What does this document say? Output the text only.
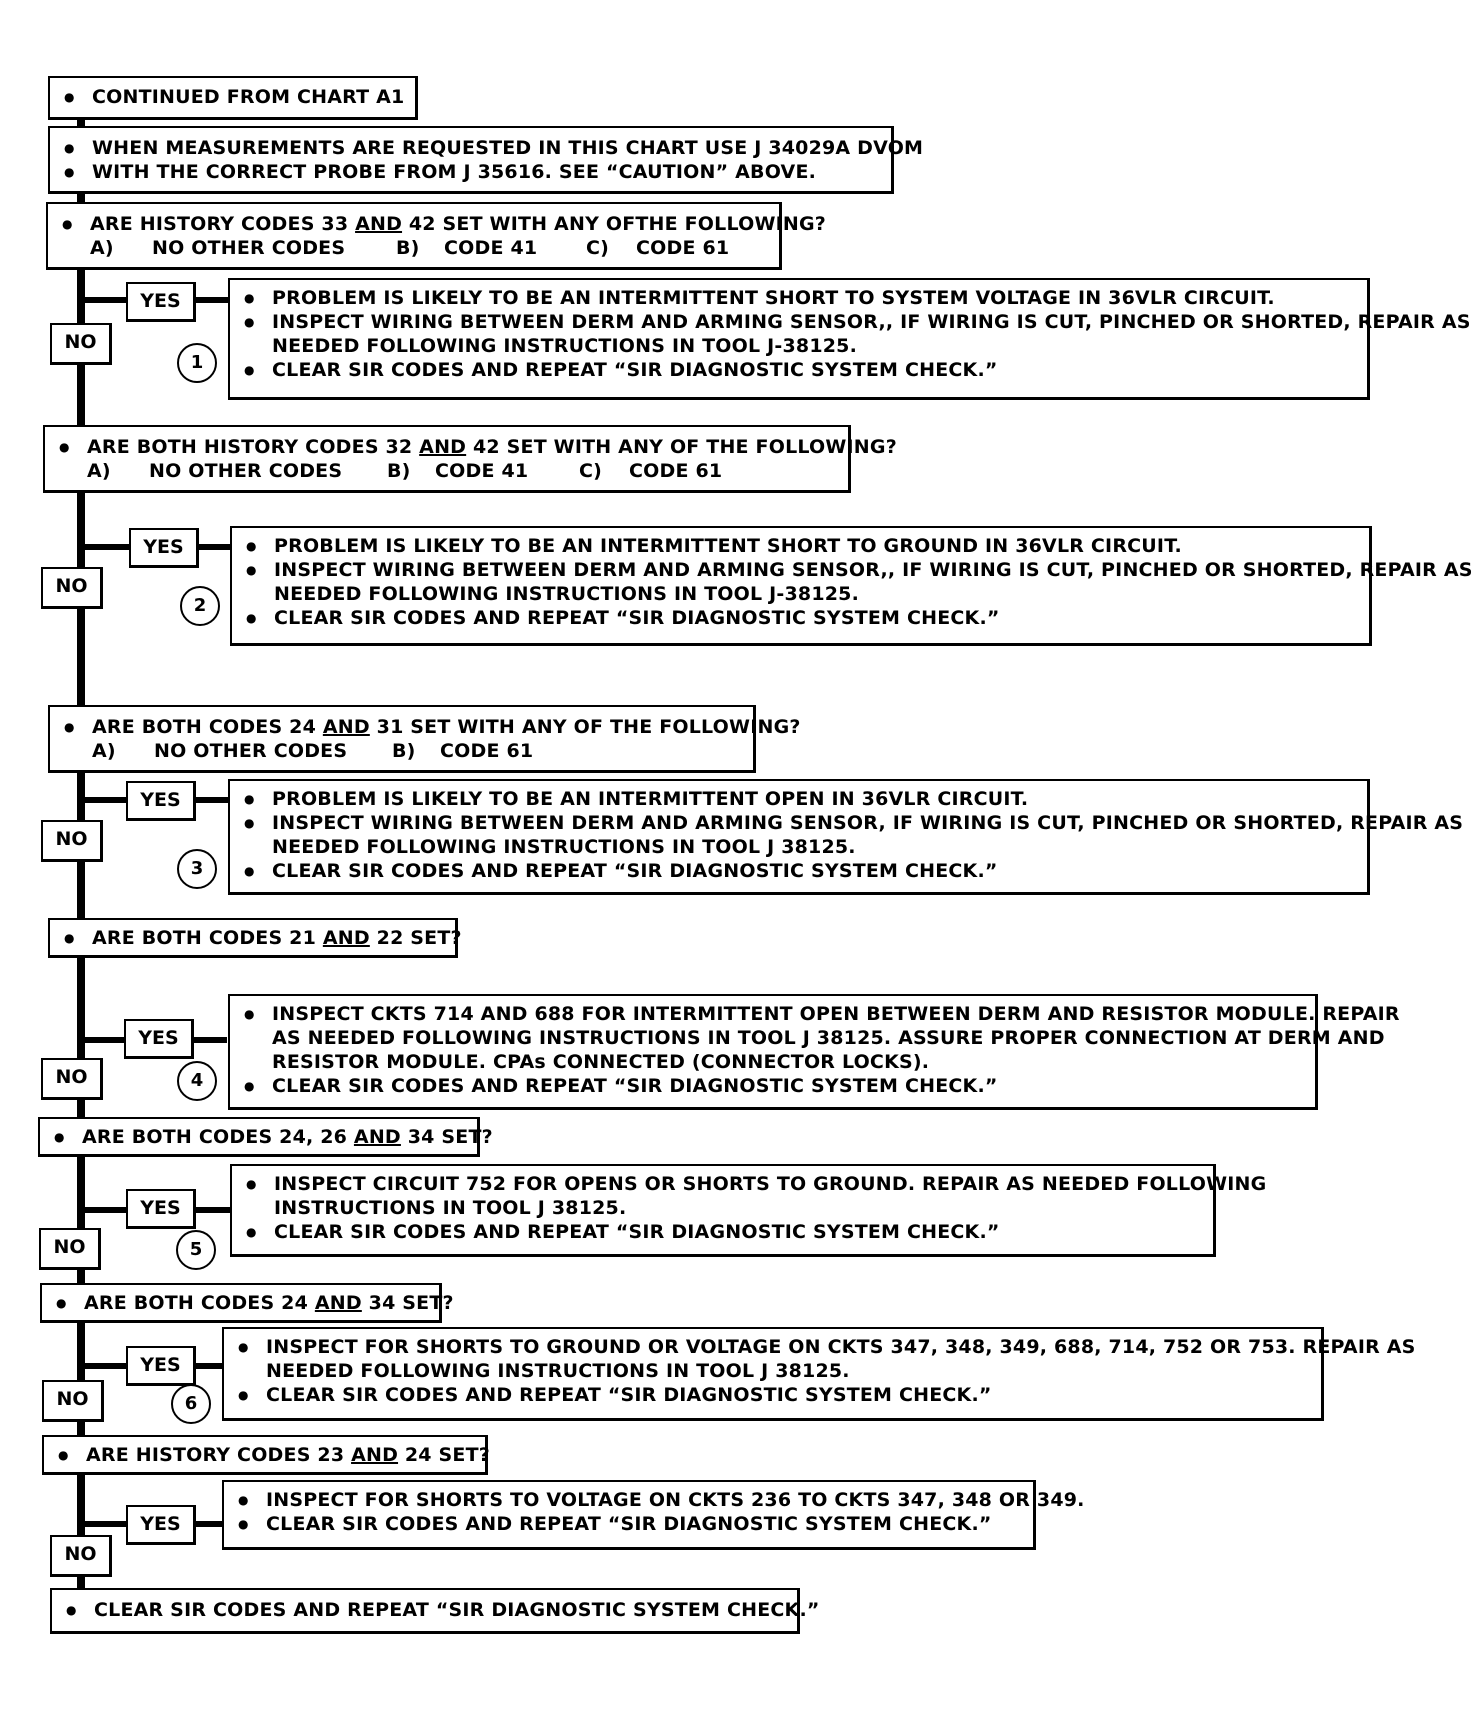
● CONTINUED FROM CHART A1
● WHEN MEASUREMENTS ARE REQUESTED IN THIS CHART USE J 34029A DVOM
● WITH THE CORRECT PROBE FROM J 35616. SEE “CAUTION” ABOVE.
● ARE HISTORY CODES 33 AND 42 SET WITH ANY OFTHE FOLLOWING?
A) NO OTHER CODES	B) CODE 41	C) CODE 61
YES
NO
1
● PROBLEM IS LIKELY TO BE AN INTERMITTENT SHORT TO SYSTEM VOLTAGE IN 36VLR CIRCUIT.
● INSPECT WIRING BETWEEN DERM AND ARMING SENSOR,, IF WIRING IS CUT, PINCHED OR SHORTED, REPAIR AS
NEEDED FOLLOWING INSTRUCTIONS IN TOOL J-38125.
● CLEAR SIR CODES AND REPEAT “SIR DIAGNOSTIC SYSTEM CHECK.”
● ARE BOTH HISTORY CODES 32 AND 42 SET WITH ANY OF THE FOLLOWING?
A) NO OTHER CODES B) CODE 41	C) CODE 61
YES
NO
2
● PROBLEM IS LIKELY TO BE AN INTERMITTENT SHORT TO GROUND IN 36VLR CIRCUIT.
● INSPECT WIRING BETWEEN DERM AND ARMING SENSOR,, IF WIRING IS CUT, PINCHED OR SHORTED, REPAIR AS
NEEDED FOLLOWING INSTRUCTIONS IN TOOL J-38125.
● CLEAR SIR CODES AND REPEAT “SIR DIAGNOSTIC SYSTEM CHECK.”
● ARE BOTH CODES 24 AND 31 SET WITH ANY OF THE FOLLOWING?
A) NO OTHER CODES B) CODE 61
YES
NO
3
● PROBLEM IS LIKELY TO BE AN INTERMITTENT OPEN IN 36VLR CIRCUIT.
● INSPECT WIRING BETWEEN DERM AND ARMING SENSOR, IF WIRING IS CUT, PINCHED OR SHORTED, REPAIR AS
NEEDED FOLLOWING INSTRUCTIONS IN TOOL J 38125.
● CLEAR SIR CODES AND REPEAT “SIR DIAGNOSTIC SYSTEM CHECK.”
● ARE BOTH CODES 21 AND 22 SET?
YES
NO	4
● INSPECT CKTS 714 AND 688 FOR INTERMITTENT OPEN BETWEEN DERM AND RESISTOR MODULE. REPAIR
AS NEEDED FOLLOWING INSTRUCTIONS IN TOOL J 38125. ASSURE PROPER CONNECTION AT DERM AND
RESISTOR MODULE. CPAs CONNECTED (CONNECTOR LOCKS).
● CLEAR SIR CODES AND REPEAT “SIR DIAGNOSTIC SYSTEM CHECK.”
● ARE BOTH CODES 24, 26 AND 34 SET?
YES
NO	5
● INSPECT CIRCUIT 752 FOR OPENS OR SHORTS TO GROUND. REPAIR AS NEEDED FOLLOWING
INSTRUCTIONS IN TOOL J 38125.
● CLEAR SIR CODES AND REPEAT “SIR DIAGNOSTIC SYSTEM CHECK.”
● ARE BOTH CODES 24 AND 34 SET?
YES
NO	6
● INSPECT FOR SHORTS TO GROUND OR VOLTAGE ON CKTS 347, 348, 349, 688, 714, 752 OR 753. REPAIR AS
NEEDED FOLLOWING INSTRUCTIONS IN TOOL J 38125.
● CLEAR SIR CODES AND REPEAT “SIR DIAGNOSTIC SYSTEM CHECK.”
● ARE HISTORY CODES 23 AND 24 SET?
YES
NO
● INSPECT FOR SHORTS TO VOLTAGE ON CKTS 236 TO CKTS 347, 348 OR 349.
● CLEAR SIR CODES AND REPEAT “SIR DIAGNOSTIC SYSTEM CHECK.”
● CLEAR SIR CODES AND REPEAT “SIR DIAGNOSTIC SYSTEM CHECK.”
